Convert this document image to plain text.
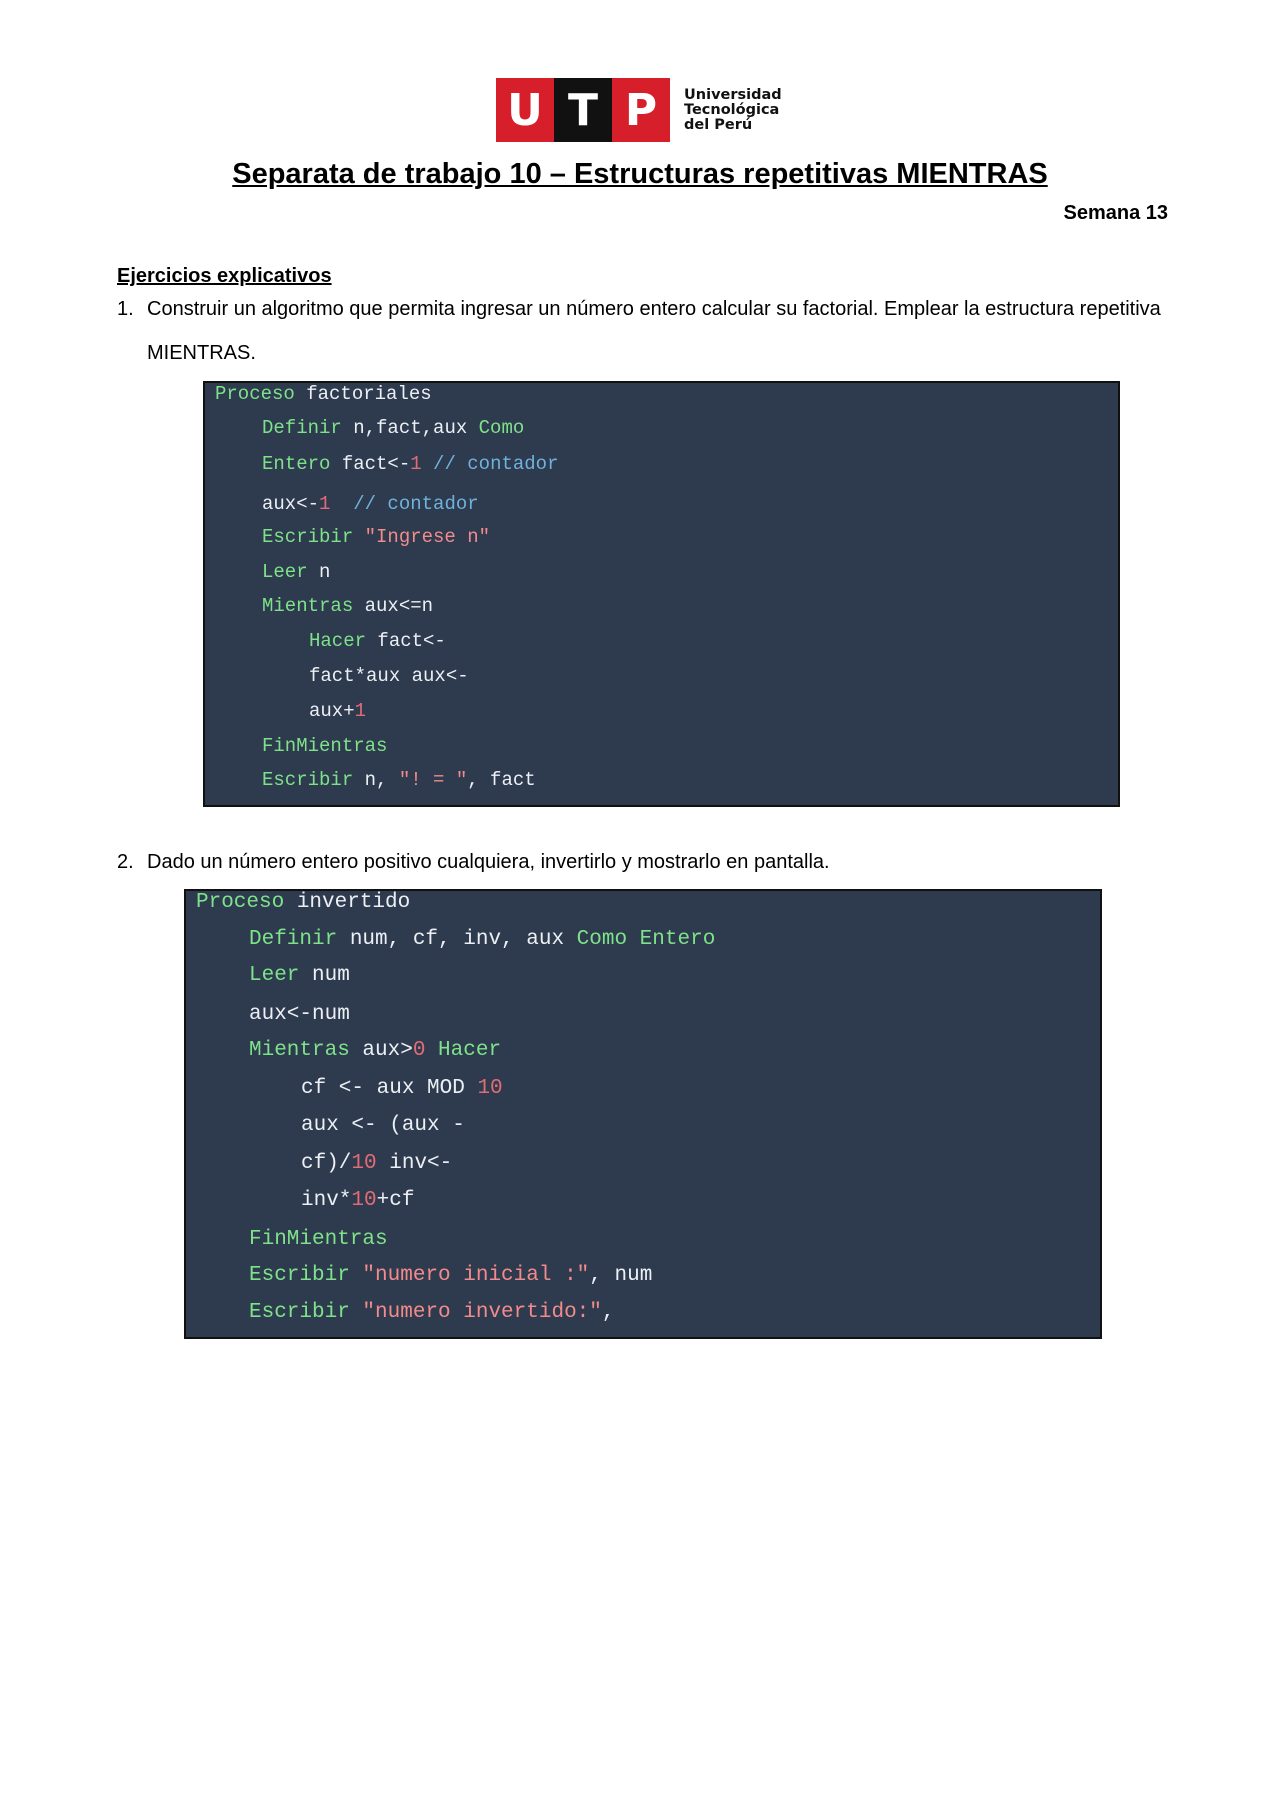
U T P	Universidad
Tecnológica
del Perú
Separata de trabajo 10 – Estructuras repetitivas MIENTRAS
Semana 13
Ejercicios explicativos
1. Construir un algoritmo que permita ingresar un número entero calcular su factorial. Emplear la estructura repetitiva MIENTRAS.
Proceso factoriales
Definir n,fact,aux Como
Entero fact<-1 // contador
aux<-1  // contador
Escribir "Ingrese n"
Leer n
Mientras aux<=n
Hacer fact<-
fact*aux aux<-
aux+1
FinMientras
Escribir n, "! = ", fact
2. Dado un número entero positivo cualquiera, invertirlo y mostrarlo en pantalla.
Proceso invertido
Definir num, cf, inv, aux Como Entero
Leer num
aux<-num
Mientras aux>0 Hacer
cf <- aux MOD 10
aux <- (aux -
cf)/10 inv<-
inv*10+cf
FinMientras
Escribir "numero inicial :", num
Escribir "numero invertido:",
